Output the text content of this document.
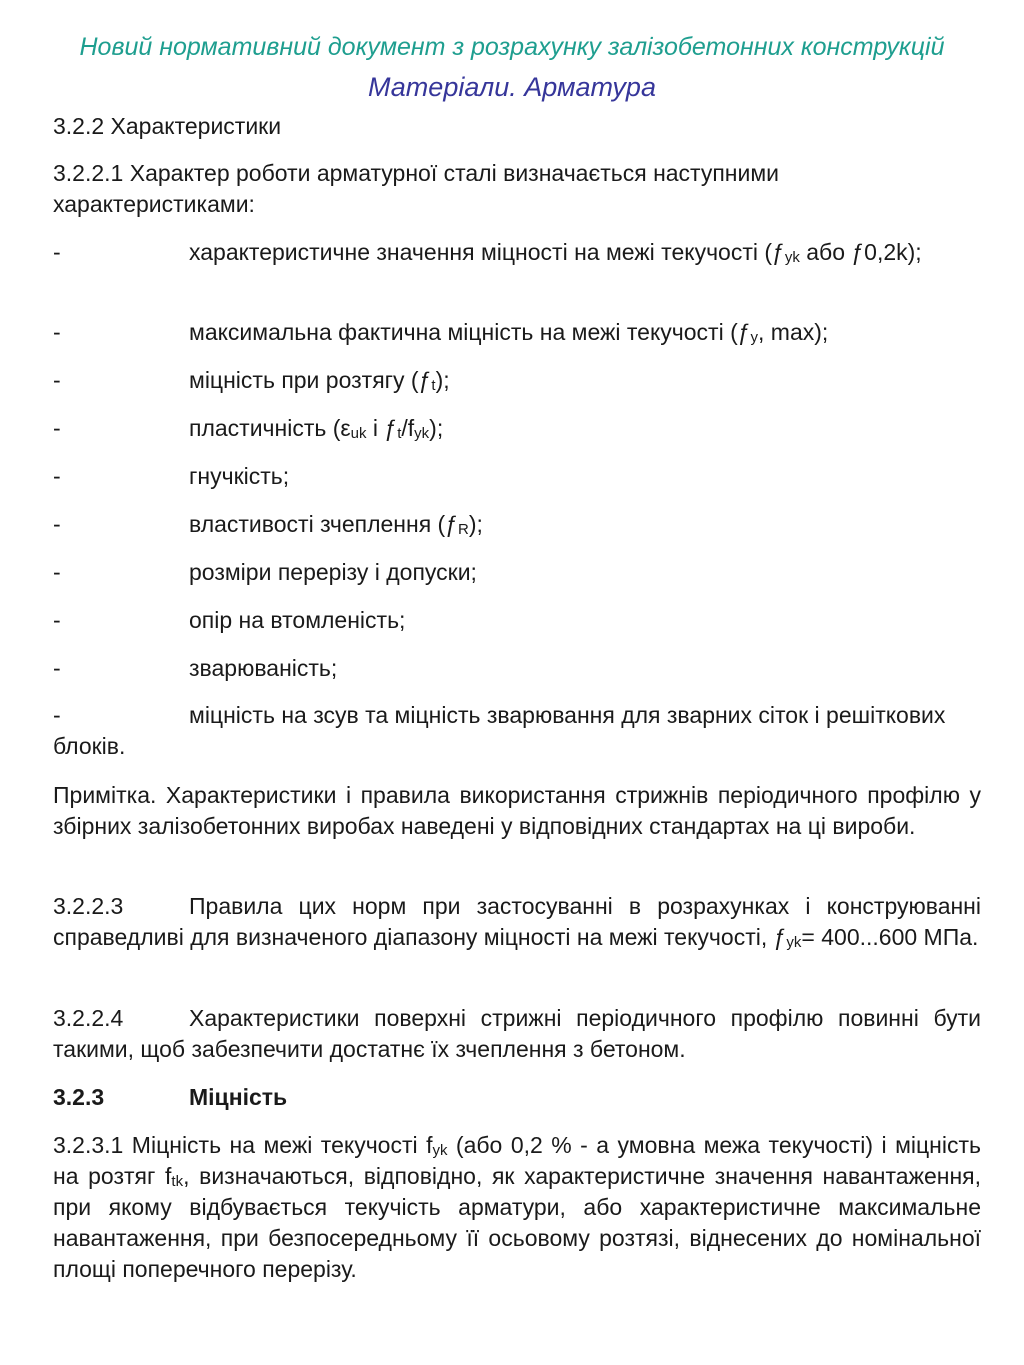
Новий нормативний документ з розрахунку залізобетонних конструкцій
Матеріали. Арматура

3.2.2 Характеристики

3.2.2.1 Характер роботи арматурної сталі визначається наступними характеристиками:

-	характеристичне значення міцності на межі текучості ($ƒ_{yk}$ або ƒ0,2k);

-	максимальна фактична міцність на межі текучості ($ƒ_y$, max);

-	міцність при розтягу $(ƒ_t)$;

-	пластичність ($\varepsilon_{uk}$ і $ƒ_t/f_{yk}$);

-	гнучкість;

-	властивості зчеплення $(ƒ_R)$;

-	розміри перерізу і допуски;

-	опір на втомленість;

-	зварюваність;

-	міцність на зсув та міцність зварювання для зварних сіток і решіткових блоків.

Примітка. Характеристики і правила використання стрижнів періодичного профілю у збірних залізобетонних виробах наведені у відповідних стандартах на ці вироби.

3.2.2.3	Правила цих норм при застосуванні в розрахунках і конструюванні справедливі для визначеного діапазону міцності на межі текучості, $ƒ_{yk}= 400...600$ МПа.

3.2.2.4	Характеристики поверхні стрижні періодичного профілю повинні бути такими, щоб забезпечити достатнє їх зчеплення з бетоном.

3.2.3	Міцність

3.2.3.1 Міцність на межі текучості $f_{yk}$ (або 0,2 % - а умовна межа текучості) і міцність на розтяг $f_{tk}$, визначаються, відповідно, як характеристичне значення навантаження, при якому відбувається текучість арматури, або характеристичне максимальне навантаження, при безпосередньому її осьовому розтязі, віднесених до номінальної площі поперечного перерізу.
